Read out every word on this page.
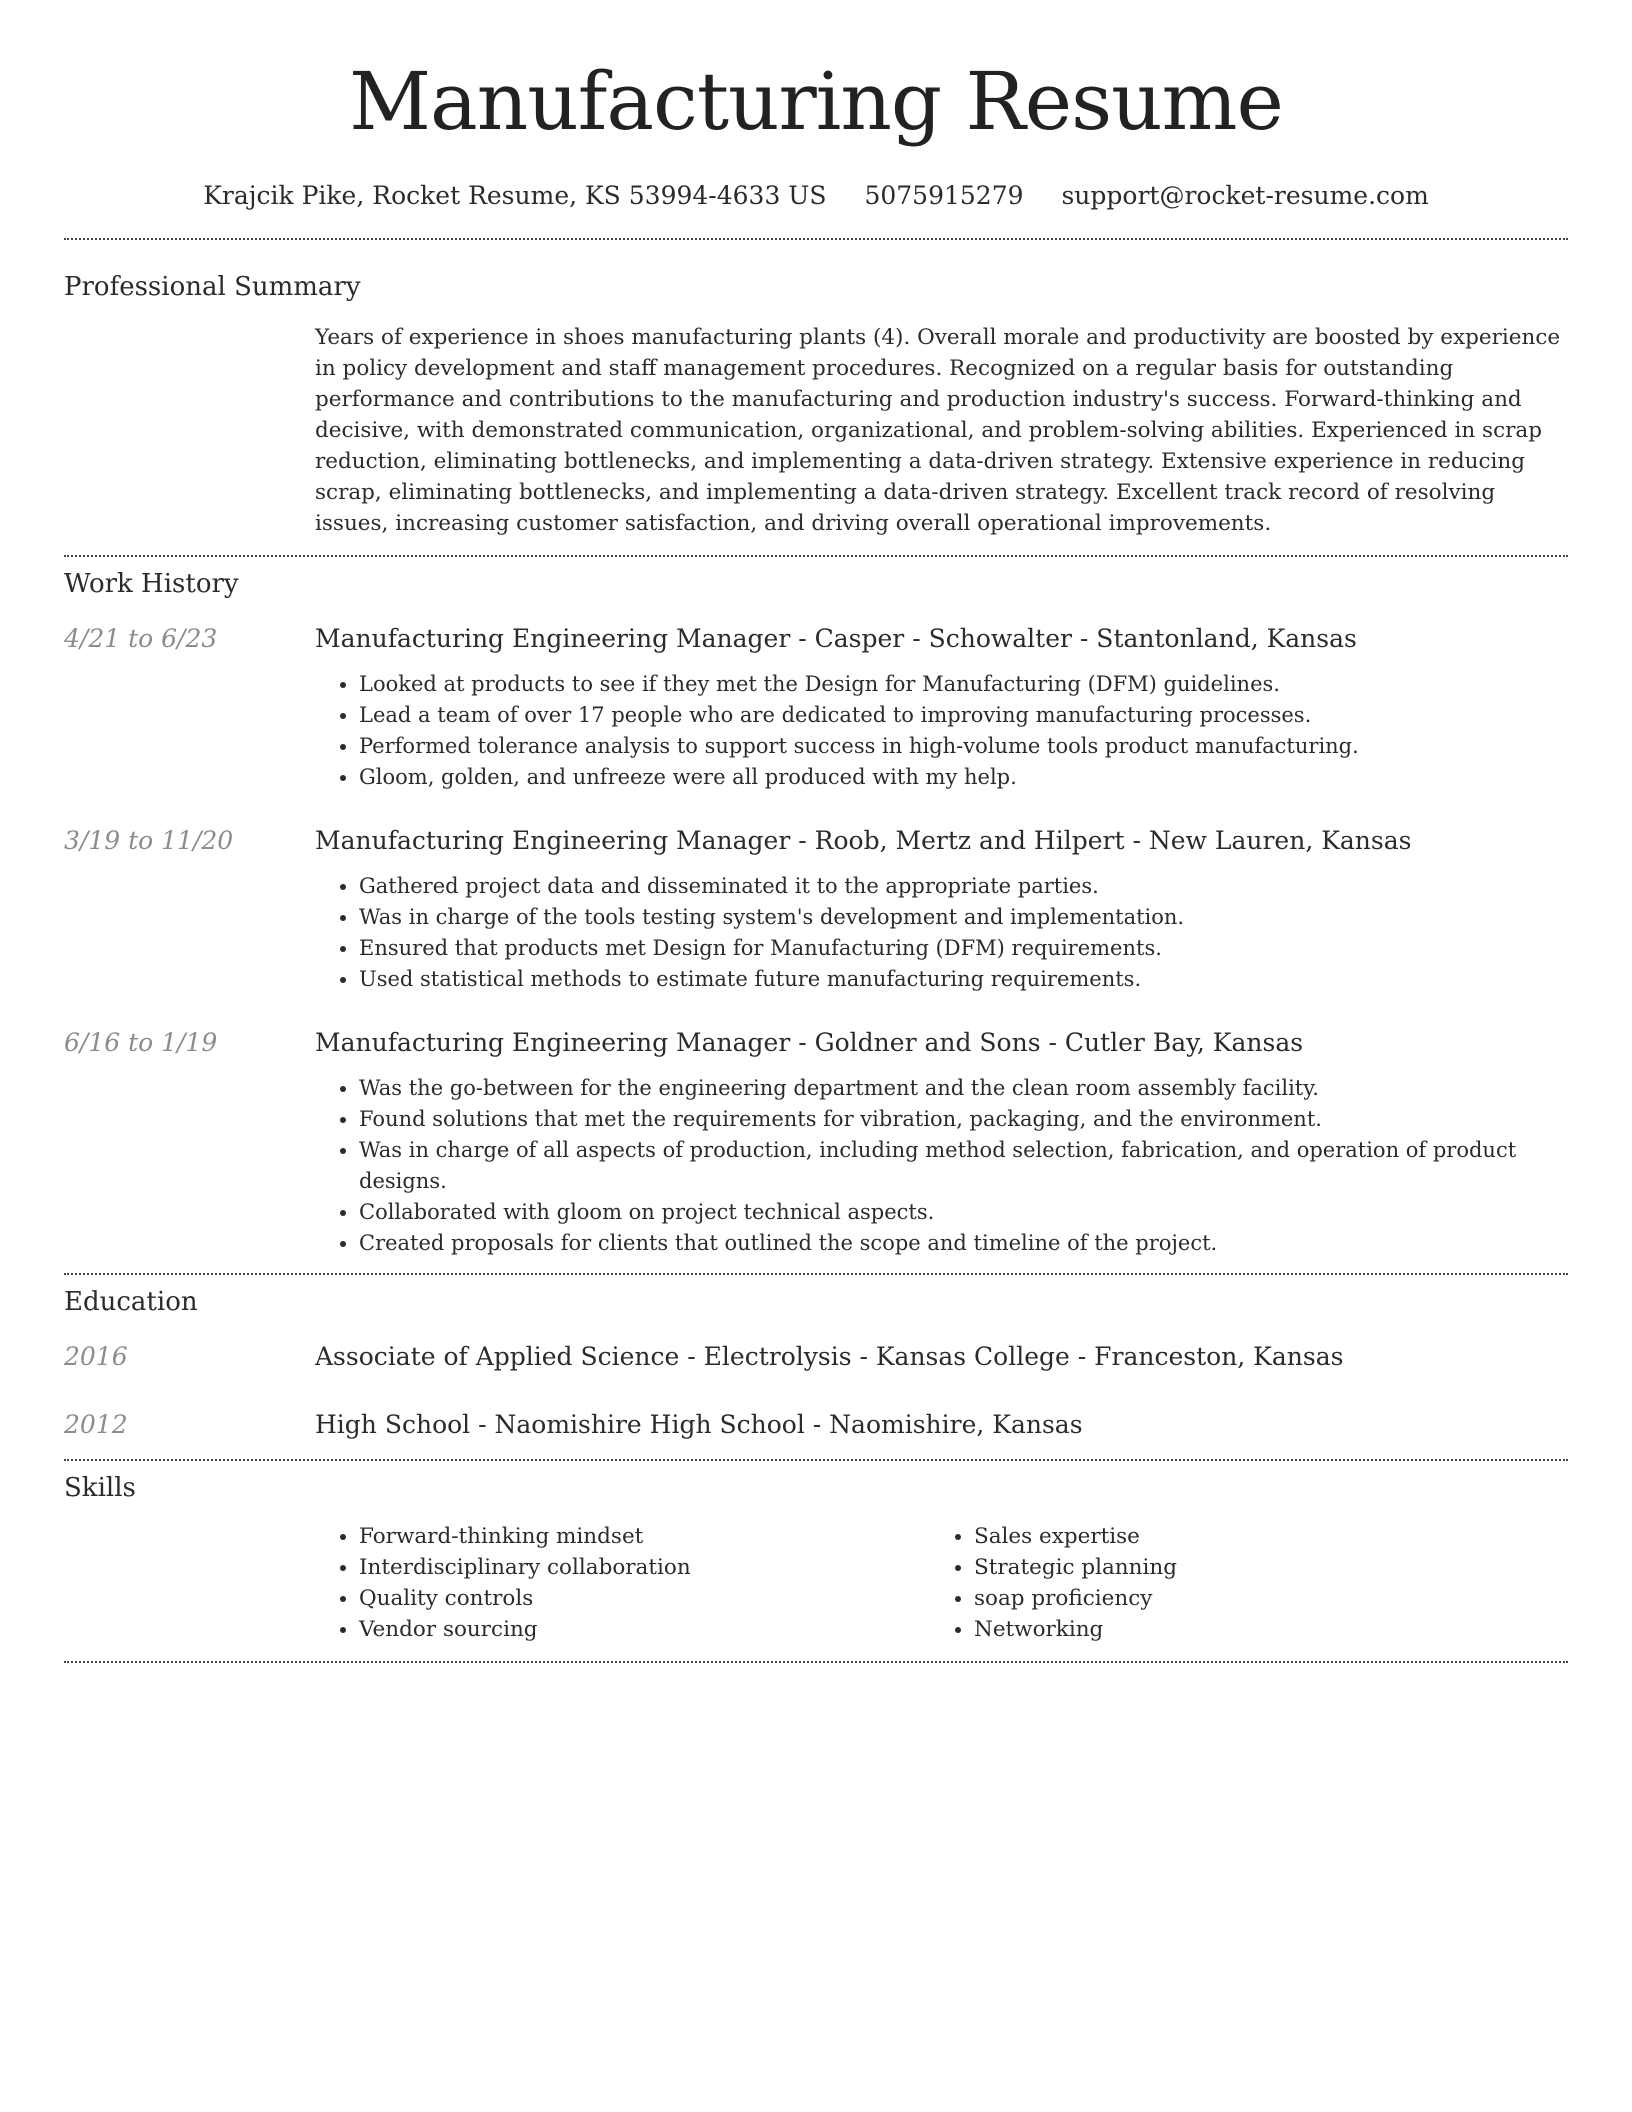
Manufacturing Resume
Krajcik Pike, Rocket Resume, KS 53994-4633 US 5075915279 support@rocket-resume.com
Professional Summary

Years of experience in shoes manufacturing plants (4). Overall morale and productivity are boosted by experience in policy development and staff management procedures. Recognized on a regular basis for outstanding performance and contributions to the manufacturing and production industry's success. Forward-thinking and decisive, with demonstrated communication, organizational, and problem-solving abilities. Experienced in scrap reduction, eliminating bottlenecks, and implementing a data-driven strategy. Extensive experience in reducing scrap, eliminating bottlenecks, and implementing a data-driven strategy. Excellent track record of resolving issues, increasing customer satisfaction, and driving overall operational improvements.

Work History
4/21 to 6/23	Manufacturing Engineering Manager - Casper - Schowalter - Stantonland, Kansas
• Looked at products to see if they met the Design for Manufacturing (DFM) guidelines.
• Lead a team of over 17 people who are dedicated to improving manufacturing processes.
• Performed tolerance analysis to support success in high-volume tools product manufacturing.
• Gloom, golden, and unfreeze were all produced with my help.
3/19 to 11/20	Manufacturing Engineering Manager - Roob, Mertz and Hilpert - New Lauren, Kansas
• Gathered project data and disseminated it to the appropriate parties.
• Was in charge of the tools testing system's development and implementation.
• Ensured that products met Design for Manufacturing (DFM) requirements.
• Used statistical methods to estimate future manufacturing requirements.
6/16 to 1/19	Manufacturing Engineering Manager - Goldner and Sons - Cutler Bay, Kansas
• Was the go-between for the engineering department and the clean room assembly facility.
• Found solutions that met the requirements for vibration, packaging, and the environment.
• Was in charge of all aspects of production, including method selection, fabrication, and operation of product designs.
• Collaborated with gloom on project technical aspects.
• Created proposals for clients that outlined the scope and timeline of the project.
Education
2016	Associate of Applied Science - Electrolysis - Kansas College - Franceston, Kansas
2012	High School - Naomishire High School - Naomishire, Kansas
Skills
• Forward-thinking mindset
• Interdisciplinary collaboration
• Quality controls
• Vendor sourcing
• Sales expertise
• Strategic planning
• soap proficiency
• Networking
